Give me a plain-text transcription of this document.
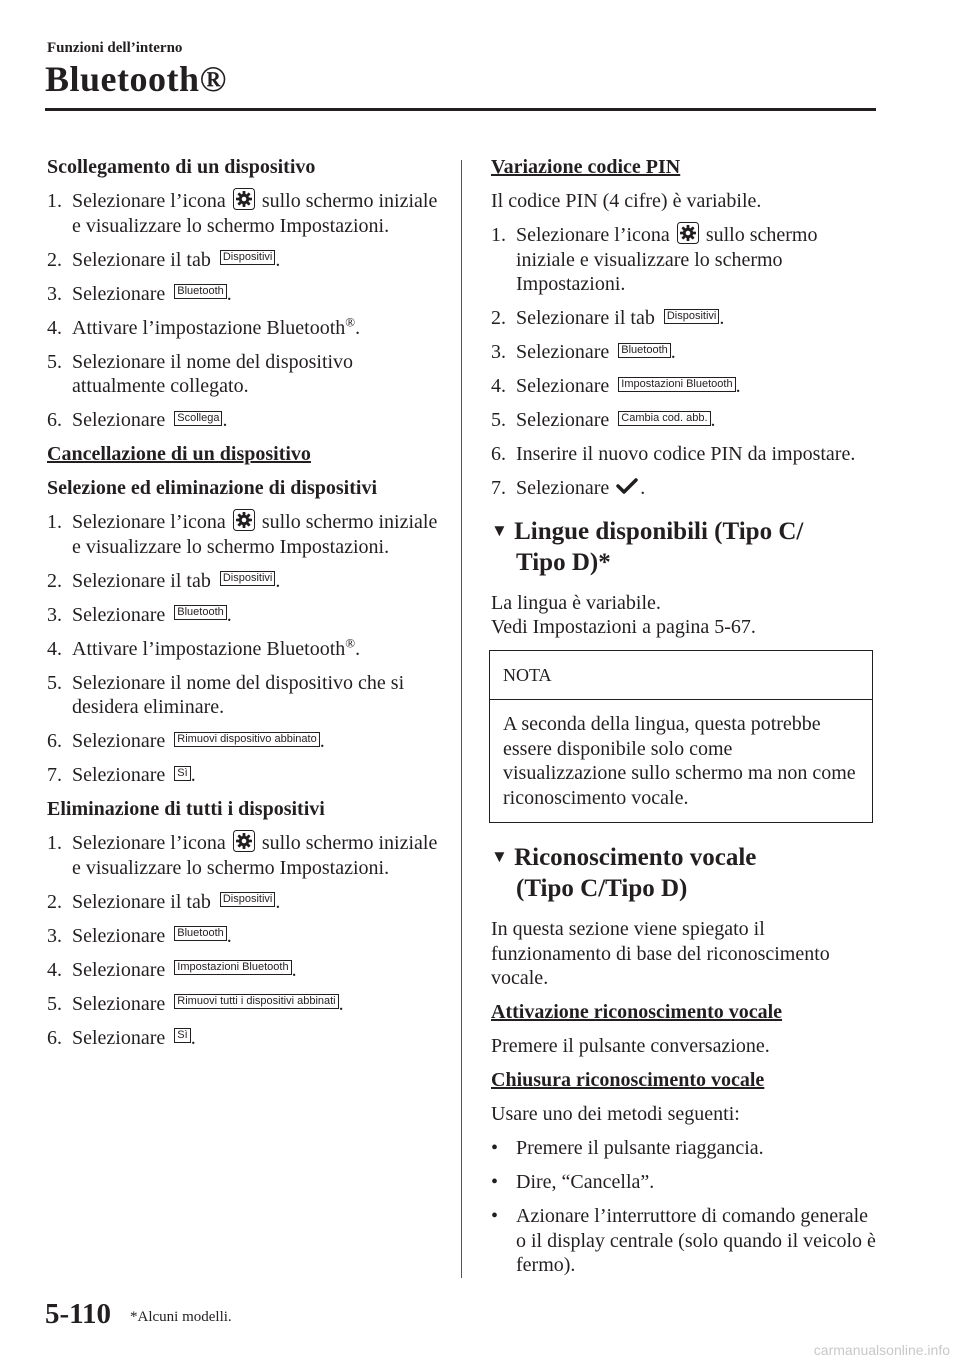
Funzioni dell’interno
Bluetooth®
Scollegamento di un dispositivo
1. Selezionare l’icona  sullo schermo iniziale e visualizzare lo schermo Impostazioni.
2. Selezionare il tab Dispositivi .
3. Selezionare Bluetooth .
4. Attivare l’impostazione Bluetooth®.
5. Selezionare il nome del dispositivo attualmente collegato.
6. Selezionare Scollega .
Cancellazione di un dispositivo
Selezione ed eliminazione di dispositivi
1. Selezionare l’icona  sullo schermo iniziale e visualizzare lo schermo Impostazioni.
2. Selezionare il tab Dispositivi .
3. Selezionare Bluetooth .
4. Attivare l’impostazione Bluetooth®.
5. Selezionare il nome del dispositivo che si desidera eliminare.
6. Selezionare Rimuovi dispositivo abbinato .
7. Selezionare Sì .
Eliminazione di tutti i dispositivi
1. Selezionare l’icona  sullo schermo iniziale e visualizzare lo schermo Impostazioni.
2. Selezionare il tab Dispositivi .
3. Selezionare Bluetooth .
4. Selezionare Impostazioni Bluetooth .
5. Selezionare Rimuovi tutti i dispositivi abbinati .
6. Selezionare Sì .
Variazione codice PIN
Il codice PIN (4 cifre) è variabile.
1. Selezionare l’icona  sullo schermo iniziale e visualizzare lo schermo Impostazioni.
2. Selezionare il tab Dispositivi .
3. Selezionare Bluetooth .
4. Selezionare Impostazioni Bluetooth .
5. Selezionare Cambia cod. abb. .
6. Inserire il nuovo codice PIN da impostare.
7. Selezionare .
▼ Lingue disponibili (Tipo C/
Tipo D)*
La lingua è variabile.
Vedi Impostazioni a pagina 5-67.
NOTA
A seconda della lingua, questa potrebbe essere disponibile solo come visualizzazione sullo schermo ma non come riconoscimento vocale.
▼ Riconoscimento vocale
(Tipo C/Tipo D)
In questa sezione viene spiegato il funzionamento di base del riconoscimento vocale.
Attivazione riconoscimento vocale
Premere il pulsante conversazione.
Chiusura riconoscimento vocale
Usare uno dei metodi seguenti:
• Premere il pulsante riaggancia.
• Dire, “Cancella”.
• Azionare l’interruttore di comando generale o il display centrale (solo quando il veicolo è fermo).
5-110 *Alcuni modelli.
carmanualsonline.info
